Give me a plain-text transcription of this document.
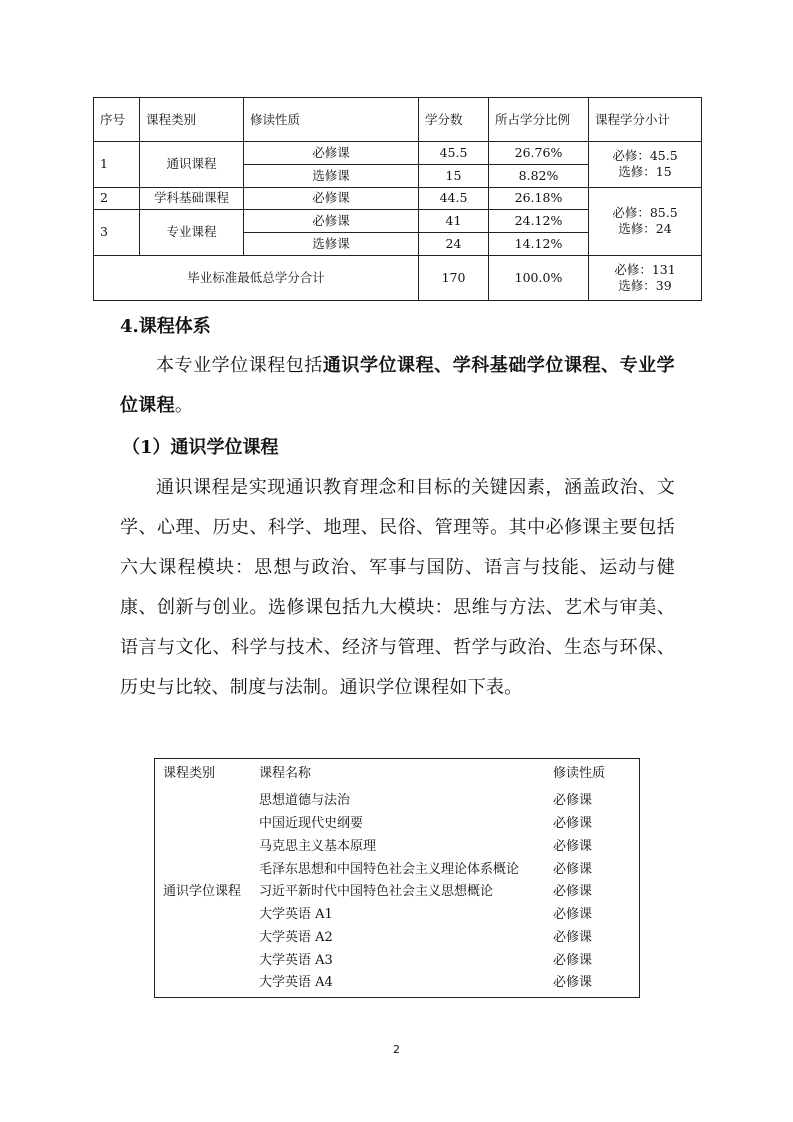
序号	课程类别	修读性质	学分数	所占学分比例	课程学分小计
1	通识课程	必修课	45.5	26.76%	必修：45.5
选修：15

		选修课	15	8.82%	
2	学科基础课程	必修课	44.5	26.18%	必修：85.5
选修：24

3	专业课程	必修课	41	24.12%	
		选修课	24	14.12%	
毕业标准最低总学分合计			170	100.0%	必修：131
选修：39
4.课程体系

本专业学位课程包括通识学位课程、学科基础学位课程、专业学位课程。

（1）通识学位课程

通识课程是实现通识教育理念和目标的关键因素，涵盖政治、文学、心理、历史、科学、地理、民俗、管理等。其中必修课主要包括六大课程模块：思想与政治、军事与国防、语言与技能、运动与健康、创新与创业。选修课包括九大模块：思维与方法、艺术与审美、语言与文化、科学与技术、经济与管理、哲学与政治、生态与环保、历史与比较、制度与法制。通识学位课程如下表。

课程类别	课程名称	修读性质
通识学位课程
思想道德与法治	必修课
中国近现代史纲要	必修课
马克思主义基本原理	必修课
毛泽东思想和中国特色社会主义理论体系概论	必修课
习近平新时代中国特色社会主义思想概论	必修课
大学英语 A1	必修课
大学英语 A2	必修课
大学英语 A3	必修课
大学英语 A4	必修课
2
